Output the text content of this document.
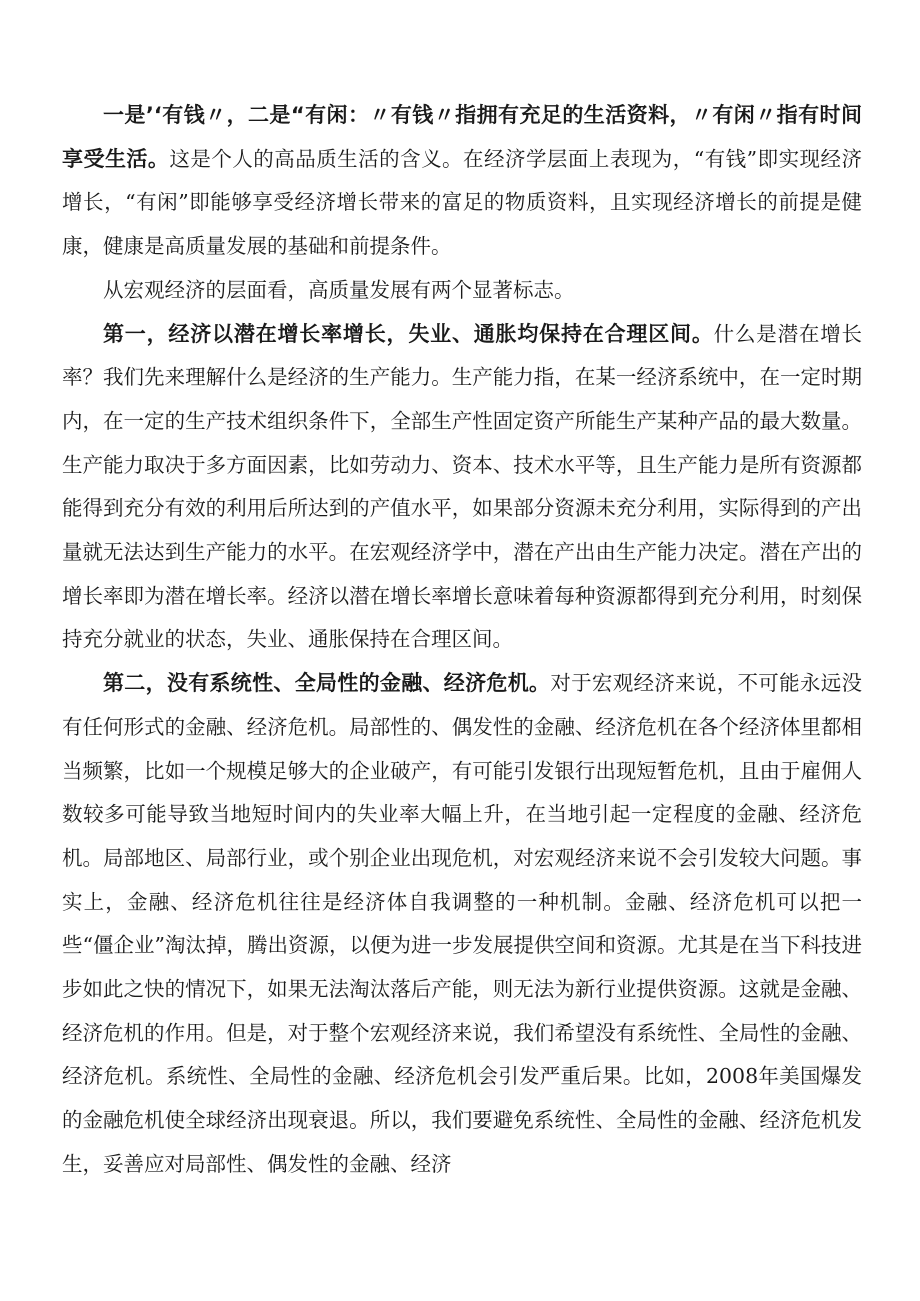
一是’‘有钱〃，二是“有闲：〃有钱〃指拥有充足的生活资料，〃有闲〃指有时间享受生活。这是个人的高品质生活的含义。在经济学层面上表现为，“有钱”即实现经济增长，“有闲”即能够享受经济增长带来的富足的物质资料，且实现经济增长的前提是健康，健康是高质量发展的基础和前提条件。

从宏观经济的层面看，高质量发展有两个显著标志。

第一，经济以潜在增长率增长，失业、通胀均保持在合理区间。什么是潜在增长率？我们先来理解什么是经济的生产能力。生产能力指，在某一经济系统中，在一定时期内，在一定的生产技术组织条件下，全部生产性固定资产所能生产某种产品的最大数量。生产能力取决于多方面因素，比如劳动力、资本、技术水平等，且生产能力是所有资源都能得到充分有效的利用后所达到的产值水平，如果部分资源未充分利用，实际得到的产出量就无法达到生产能力的水平。在宏观经济学中，潜在产出由生产能力决定。潜在产出的增长率即为潜在增长率。经济以潜在增长率增长意味着每种资源都得到充分利用，时刻保持充分就业的状态，失业、通胀保持在合理区间。

第二，没有系统性、全局性的金融、经济危机。对于宏观经济来说，不可能永远没有任何形式的金融、经济危机。局部性的、偶发性的金融、经济危机在各个经济体里都相当频繁，比如一个规模足够大的企业破产，有可能引发银行出现短暂危机，且由于雇佣人数较多可能导致当地短时间内的失业率大幅上升，在当地引起一定程度的金融、经济危机。局部地区、局部行业，或个别企业出现危机，对宏观经济来说不会引发较大问题。事实上，金融、经济危机往往是经济体自我调整的一种机制。金融、经济危机可以把一些“僵企业”淘汰掉，腾出资源，以便为进一步发展提供空间和资源。尤其是在当下科技进步如此之快的情况下，如果无法淘汰落后产能，则无法为新行业提供资源。这就是金融、经济危机的作用。但是，对于整个宏观经济来说，我们希望没有系统性、全局性的金融、经济危机。系统性、全局性的金融、经济危机会引发严重后果。比如，2008年美国爆发的金融危机使全球经济出现衰退。所以，我们要避免系统性、全局性的金融、经济危机发生，妥善应对局部性、偶发性的金融、经济
